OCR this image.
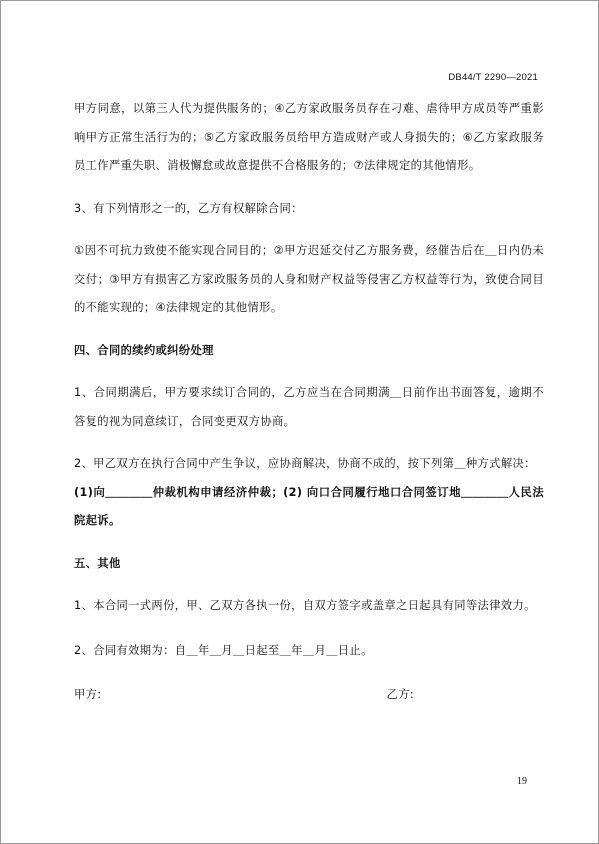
DB44/T 2290—2021

甲方同意，以第三人代为提供服务的；④乙方家政服务员存在刁难、虐待甲方成员等严重影响甲方正常生活行为的；⑤乙方家政服务员给甲方造成财产或人身损失的；⑥乙方家政服务员工作严重失职、消极懈怠或故意提供不合格服务的；⑦法律规定的其他情形。

3、有下列情形之一的，乙方有权解除合同：

①因不可抗力致使不能实现合同目的；②甲方迟延交付乙方服务费，经催告后在＿日内仍未交付；③甲方有损害乙方家政服务员的人身和财产权益等侵害乙方权益等行为，致使合同目的不能实现的；④法律规定的其他情形。

四、合同的续约或纠纷处理

1、合同期满后，甲方要求续订合同的，乙方应当在合同期满＿日前作出书面答复，逾期不答复的视为同意续订，合同变更双方协商。

2、甲乙双方在执行合同中产生争议，应协商解决，协商不成的，按下列第＿种方式解决：

(1)向＿＿＿＿仲裁机构申请经济仲裁；(2) 向口合同履行地口合同签订地＿＿＿＿人民法院起诉。

五、其他

1、本合同一式两份，甲、乙双方各执一份，自双方签字或盖章之日起具有同等法律效力。

2、合同有效期为：自＿年＿月＿日起至＿年＿月＿日止。

甲方:	乙方:
19
